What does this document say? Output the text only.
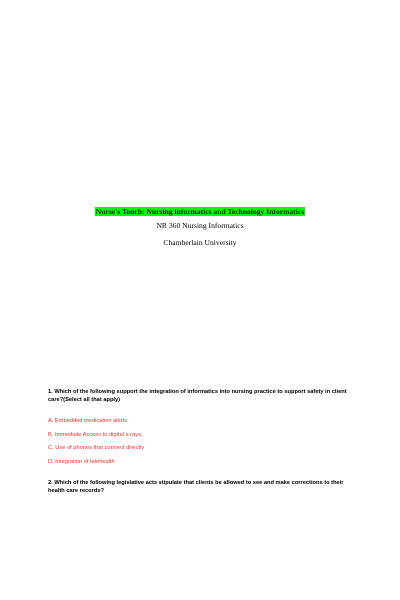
Nurse's Touch: Nursing informatics and Technology Informatics
NR 360 Nursing Informatics
Chamberlain University

1. Which of the following support the integration of informatics into nursing practice to support safety in client care?(Select all that apply)

A. Embedded medication alerts
B. Immediate Access to digital x-rays.
C. Use of phones that connect directly
D. Integration of telehealth

2. Which of the following legislative acts stipulate that clients be allowed to see and make corrections to their health care records?
